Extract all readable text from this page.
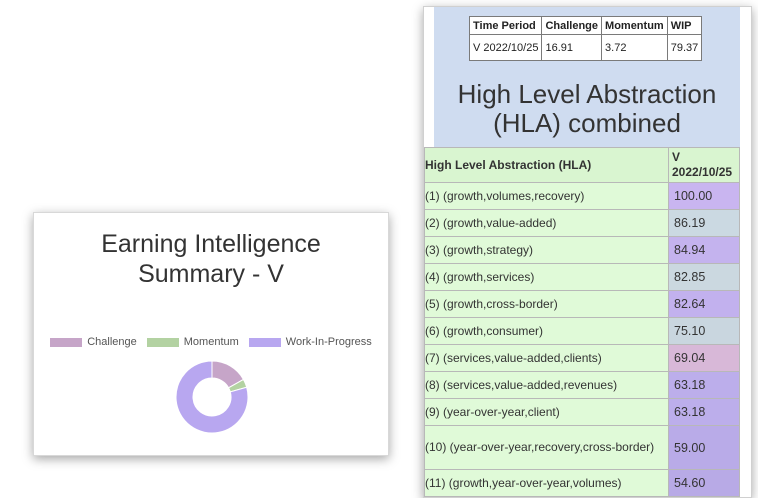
Earning Intelligence
Summary - V
Challenge	Momentum	Work-In-Progress
Time Period	Challenge	Momentum	WIP
V 2022/10/25	16.91	3.72	79.37
High Level Abstraction
(HLA) combined
High Level Abstraction (HLA)	V
2022/10/25

(1) (growth,volumes,recovery)	100.00
(2) (growth,value-added)	86.19
(3) (growth,strategy)	84.94
(4) (growth,services)	82.85
(5) (growth,cross-border)	82.64
(6) (growth,consumer)	75.10
(7) (services,value-added,clients)	69.04
(8) (services,value-added,revenues)	63.18
(9) (year-over-year,client)	63.18
(10) (year-over-year,recovery,cross-border)	59.00
(11) (growth,year-over-year,volumes)	54.60
